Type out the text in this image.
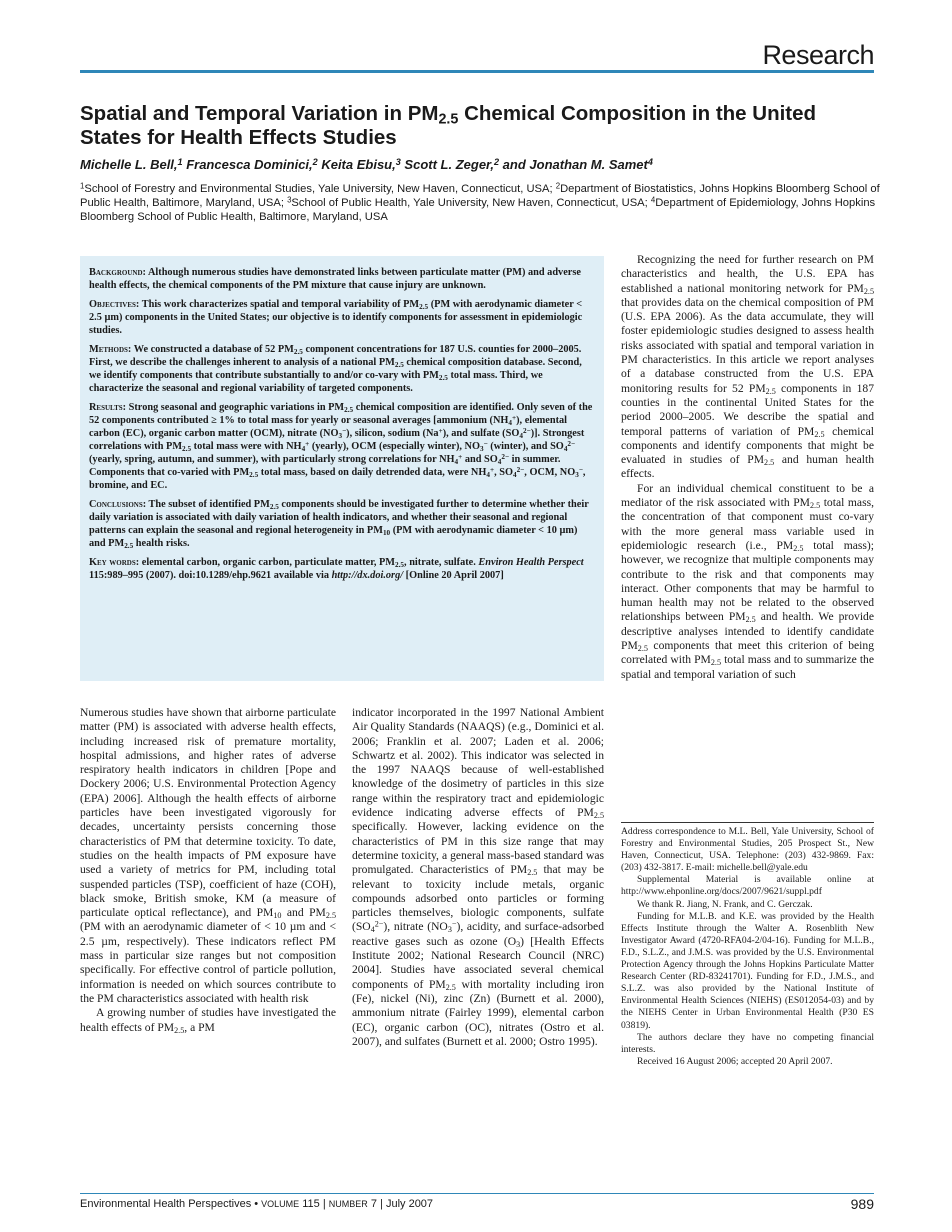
Research
Spatial and Temporal Variation in $PM_{2.5}$ Chemical Composition in the United States for Health Effects Studies
Michelle L. Bell,$^1$ Francesca Dominici,$^2$ Keita Ebisu,$^3$ Scott L. Zeger,$^2$ and Jonathan M. Samet$^4$
$^1$School of Forestry and Environmental Studies, Yale University, New Haven, Connecticut, USA; $^2$Department of Biostatistics, Johns Hopkins Bloomberg School of Public Health, Baltimore, Maryland, USA; $^3$School of Public Health, Yale University, New Haven, Connecticut, USA; $^4$Department of Epidemiology, Johns Hopkins Bloomberg School of Public Health, Baltimore, Maryland, USA

Background: Although numerous studies have demonstrated links between particulate matter (PM) and adverse health effects, the chemical components of the PM mixture that cause injury are unknown.

Objectives: This work characterizes spatial and temporal variability of $PM_{2.5}$ (PM with aerodynamic diameter < 2.5 µm) components in the United States; our objective is to identify components for assessment in epidemiologic studies.

Methods: We constructed a database of 52 $PM_{2.5}$ component concentrations for 187 U.S. counties for 2000–2005. First, we describe the challenges inherent to analysis of a national $PM_{2.5}$ chemical composition database. Second, we identify components that contribute substantially to and/or co-vary with $PM_{2.5}$ total mass. Third, we characterize the seasonal and regional variability of targeted components.

Results: Strong seasonal and geographic variations in $PM_{2.5}$ chemical composition are identified. Only seven of the 52 components contributed ≥ 1% to total mass for yearly or seasonal averages [ammonium $(NH_4^+)$, elemental carbon (EC), organic carbon matter (OCM), nitrate $(NO_3^-)$, silicon, sodium (Na+), and sulfate $(SO_4^{2-})$]. Strongest correlations with $PM_{2.5}$ total mass were with $NH_4^+$ (yearly), OCM (especially winter), $NO_3^-$ (winter), and $SO_4^{2-}$ (yearly, spring, autumn, and summer), with particularly strong correlations for $NH_4^+$ and $SO_4^{2-}$ in summer. Components that co-varied with $PM_{2.5}$ total mass, based on daily detrended data, were $NH_4^+$, $SO_4^{2-}$, OCM, $NO_3^-$, bromine, and EC.

Conclusions: The subset of identified $PM_{2.5}$ components should be investigated further to determine whether their daily variation is associated with daily variation of health indicators, and whether their seasonal and regional patterns can explain the seasonal and regional heterogeneity in $PM_{10}$ (PM with aerodynamic diameter < 10 µm) and $PM_{2.5}$ health risks.

Key words: elemental carbon, organic carbon, particulate matter, $PM_{2.5}$, nitrate, sulfate. Environ Health Perspect 115:989–995 (2007). doi:10.1289/ehp.9621 available via http://dx.doi.org/ [Online 20 April 2007]

Numerous studies have shown that airborne particulate matter (PM) is associated with adverse health effects, including increased risk of premature mortality, hospital admissions, and higher rates of adverse respiratory health indicators in children [Pope and Dockery 2006; U.S. Environmental Protection Agency (EPA) 2006]. Although the health effects of airborne particles have been investigated vigorously for decades, uncertainty persists concerning those characteristics of PM that determine toxicity. To date, studies on the health impacts of PM exposure have used a variety of metrics for PM, including total suspended particles (TSP), coefficient of haze (COH), black smoke, British smoke, KM (a measure of particulate optical reflectance), and $PM_{10}$ and $PM_{2.5}$ (PM with an aerodynamic diameter of < 10 µm and < 2.5 µm, respectively). These indicators reflect PM mass in particular size ranges but not composition specifically. For effective control of particle pollution, information is needed on which sources contribute to the PM characteristics associated with health risk

A growing number of studies have investigated the health effects of $PM_{2.5}$, a PM

indicator incorporated in the 1997 National Ambient Air Quality Standards (NAAQS) (e.g., Dominici et al. 2006; Franklin et al. 2007; Laden et al. 2006; Schwartz et al. 2002). This indicator was selected in the 1997 NAAQS because of well-established knowledge of the dosimetry of particles in this size range within the respiratory tract and epidemiologic evidence indicating adverse effects of $PM_{2.5}$ specifically. However, lacking evidence on the characteristics of PM in this size range that may determine toxicity, a general mass-based standard was promulgated. Characteristics of $PM_{2.5}$ that may be relevant to toxicity include metals, organic compounds adsorbed onto particles or forming particles themselves, biologic components, sulfate $(SO_4^{2-})$, nitrate $(NO_3^-)$, acidity, and surface-adsorbed reactive gases such as ozone $(O_3)$ [Health Effects Institute 2002; National Research Council (NRC) 2004]. Studies have associated several chemical components of $PM_{2.5}$ with mortality including iron (Fe), nickel (Ni), zinc (Zn) (Burnett et al. 2000), ammonium nitrate (Fairley 1999), elemental carbon (EC), organic carbon (OC), nitrates (Ostro et al. 2007), and sulfates (Burnett et al. 2000; Ostro 1995).

Recognizing the need for further research on PM characteristics and health, the U.S. EPA has established a national monitoring network for $PM_{2.5}$ that provides data on the chemical composition of PM (U.S. EPA 2006). As the data accumulate, they will foster epidemiologic studies designed to assess health risks associated with spatial and temporal variation in PM characteristics. In this article we report analyses of a database constructed from the U.S. EPA monitoring results for 52 $PM_{2.5}$ components in 187 counties in the continental United States for the period 2000–2005. We describe the spatial and temporal patterns of variation of $PM_{2.5}$ chemical components and identify components that might be evaluated in studies of $PM_{2.5}$ and human health effects.

For an individual chemical constituent to be a mediator of the risk associated with $PM_{2.5}$ total mass, the concentration of that component must co-vary with the more general mass variable used in epidemiologic research (i.e., $PM_{2.5}$ total mass); however, we recognize that multiple components may contribute to the risk and that components may interact. Other components that may be harmful to human health may not be related to the observed relationships between $PM_{2.5}$ and health. We provide descriptive analyses intended to identify candidate $PM_{2.5}$ components that meet this criterion of being correlated with $PM_{2.5}$ total mass and to summarize the spatial and temporal variation of such

Address correspondence to M.L. Bell, Yale University, School of Forestry and Environmental Studies, 205 Prospect St., New Haven, Connecticut, USA. Telephone: (203) 432-9869. Fax: (203) 432-3817. E-mail: michelle.bell@yale.edu

Supplemental Material is available online at http://www.ehponline.org/docs/2007/9621/suppl.pdf

We thank R. Jiang, N. Frank, and C. Gerczak.

Funding for M.L.B. and K.E. was provided by the Health Effects Institute through the Walter A. Rosenblith New Investigator Award (4720-RFA04-2/04-16). Funding for M.L.B., F.D., S.L.Z., and J.M.S. was provided by the U.S. Environmental Protection Agency through the Johns Hopkins Particulate Matter Research Center (RD-83241701). Funding for F.D., J.M.S., and S.L.Z. was also provided by the National Institute of Environmental Health Sciences (NIEHS) (ES012054-03) and by the NIEHS Center in Urban Environmental Health (P30 ES 03819).

The authors declare they have no competing financial interests.

Received 16 August 2006; accepted 20 April 2007.

Environmental Health Perspectives • VOLUME 115 | NUMBER 7 | July 2007	989
